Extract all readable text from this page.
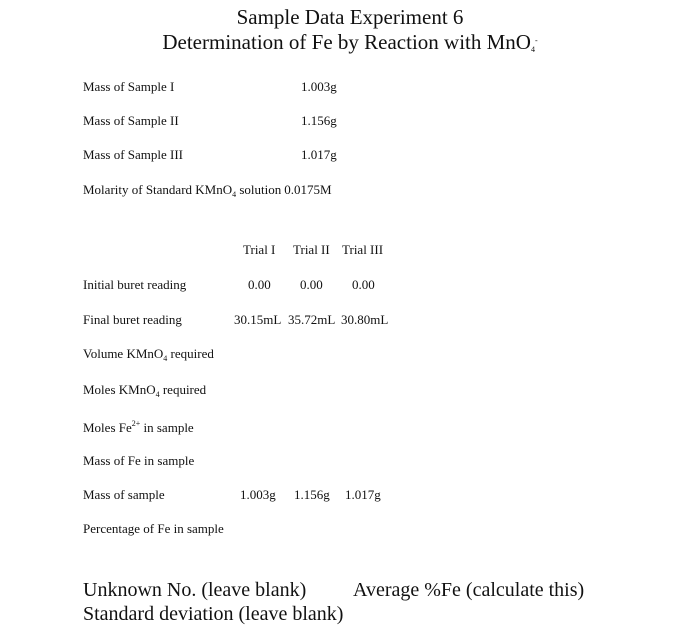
Sample Data Experiment 6
Determination of Fe by Reaction with MnO$_4$-
Mass of Sample I	1.003g
Mass of Sample II	1.156g
Mass of Sample III	1.017g
Molarity of Standard KMnO$_4$ solution 0.0175M
Trial I Trial II Trial III
Initial buret reading	0.00 0.00 0.00
Final buret reading	30.15mL 35.72mL 30.80mL
Volume KMnO$_4$ required
Moles KMnO$_4$ required
Moles $Fe^{2+}$ in sample
Mass of Fe in sample
Mass of sample	1.003g 1.156g 1.017g
Percentage of Fe in sample
Unknown No. (leave blank) Average %Fe (calculate this)
Standard deviation (leave blank)
